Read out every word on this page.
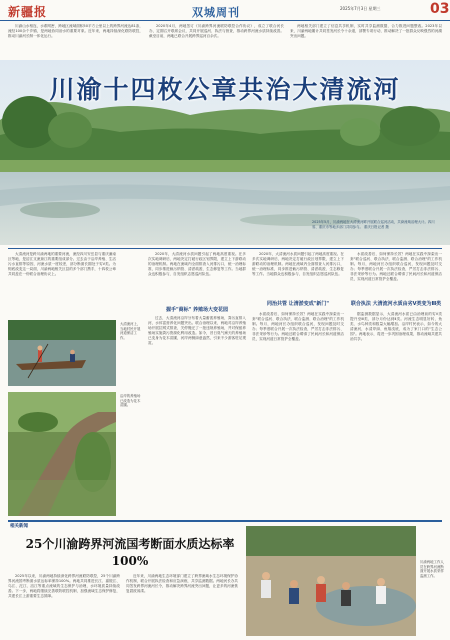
新疆报	双城周刊	2025年7月3日 星期三	03

川渝山水相连，水系网密，跨地区流域面积50平方公里以上的跨界河流达81条，流经100余个乡镇，是两地协同治水的重要对象。近年来，两地持续深化联防联控，推动川渝河长制一体化运行。

2020年4月，两地签订《川渝跨界河流联防联控合作协议》，成立了联合河长办，定期召开联席会议，共同开展巡河、执法与督查，推动跨界河流水质持续改善。截至目前，两地已联合开展跨界巡河百余次。

两地相关部门建立了信息共享机制，实时共享监测数据，合力推进问题整改。2023年以来，川渝两地累计共同签发河长令十余道，部署专项行动，推动解决了一批群众反映强烈的河湖突出问题。

川渝十四枚公章共治大清流河
2025年5月，川渝两地在大清流河畔开展联合巡河活动，共商流域治理大计。四川省、重庆市等地多部门共同参与。 重庆日报记者 摄

大清流河是跨川渝两地的重要河流，流经四川安岳县与重庆潼南区等地，是涪江支流琼江的重要组成部分。过去由于沿岸养殖、生活污水直排等原因，河流水质一度较差，部分断面长期处于劣V类。为彻底改变这一局面，川渝两地相关区县的多个部门携手，十四枚公章共同盖在一份联合治理协议上。

大清流河上，当地村民开展河道保洁工作。
沿岸的养殖场已改造为花木苗圃。

2020年，大清流河水质问题引起了两地高度重视。在多次实地调研后，两地决定打破行政区划界限，建立上下游联动的治理机制。两地在流域内全面排查入河排污口，统一治理标准，同步推进截污纳管、清淤疏浚、生态修复等工作。当地群众也积极参与，自发组织志愿巡河队伍。

握手"商标" 养殖场大变花园

过去，大清流河沿岸分布着大量畜禽养殖场，粪污直排入河，水体富营养化问题突出。联合治理以来，两地对沿岸养殖场开展拉网式排查，关停搬迁了一批违规养殖场，并对保留养殖场实施粪污资源化利用改造。如今，昔日臭气熏天的养殖场已变身为花木苗圃，河岸两侧绿意盎然，引来不少游客驻足观赏。

2020年，大清流河水质问题引起了两地高度重视。在多次实地调研后，两地决定打破行政区划界限，建立上下游联动的治理机制。两地在流域内全面排查入河排污口，统一治理标准，同步推进截污纳管、清淤疏浚、生态修复等工作。当地群众也积极参与，自发组织志愿巡河队伍。

同治共管 让清淤变成"新门"

水质改善后，如何保持长效？两地在实践中探索出一套"联合巡河、联合执法、联合监测、联合治理"的工作机制。每月，两地河长办组织联合巡河，发现问题及时交办；每季度联合开展一次执法检查，严厉打击非法排污、非法采砂等行为。两地还联合聘请了民间河长和河道保洁员，实现河道日常管护全覆盖。

水质改善后，如何保持长效？两地在实践中探索出一套"联合巡河、联合执法、联合监测、联合治理"的工作机制。每月，两地河长办组织联合巡河，发现问题及时交办；每季度联合开展一次执法检查，严厉打击非法排污、非法采砂等行为。两地还联合聘请了民间河长和河道保洁员，实现河道日常管护全覆盖。

联合执法 大清流河水质由劣V类变为Ⅲ类

据监测数据显示，大清流河水质已由治理前的劣V类提升至Ⅲ类，部分月份达到Ⅱ类。河流生态明显好转，鱼类、水鸟种类和数量大幅增加。沿岸村民表示，如今的大清流河，水清岸绿、鱼翔浅底，成为了家门口的"生态公园"。两地表示，将进一步巩固治理成果，推动流域共建共治共享。

相关新闻
25个川渝跨界河流国考断面水质达标率100%

2025年以来，川渝两地持续深化跨界河流联防联控，25个川渝跨界河流国考断面水质达标率保持100%。两地共同推进长江、嘉陵江、乌江、沱江、涪江等重点流域的生态保护与治理，水环境质量持续改善。下一步，两地将继续完善联防联控机制，加强流域生态保护修复，共建长江上游重要生态屏障。

近年来，川渝两地生态环境部门建立了跨界流域水生态环境保护协作机制，联合开展执法检查和应急演练，共享监测数据。两地河长办共同签发跨界河流河长令，推动解决跨界河流突出问题，让更多的河流恢复碧波荡漾。

川渝两地工作人员在跨界河流断面开展水质采样监测工作。
